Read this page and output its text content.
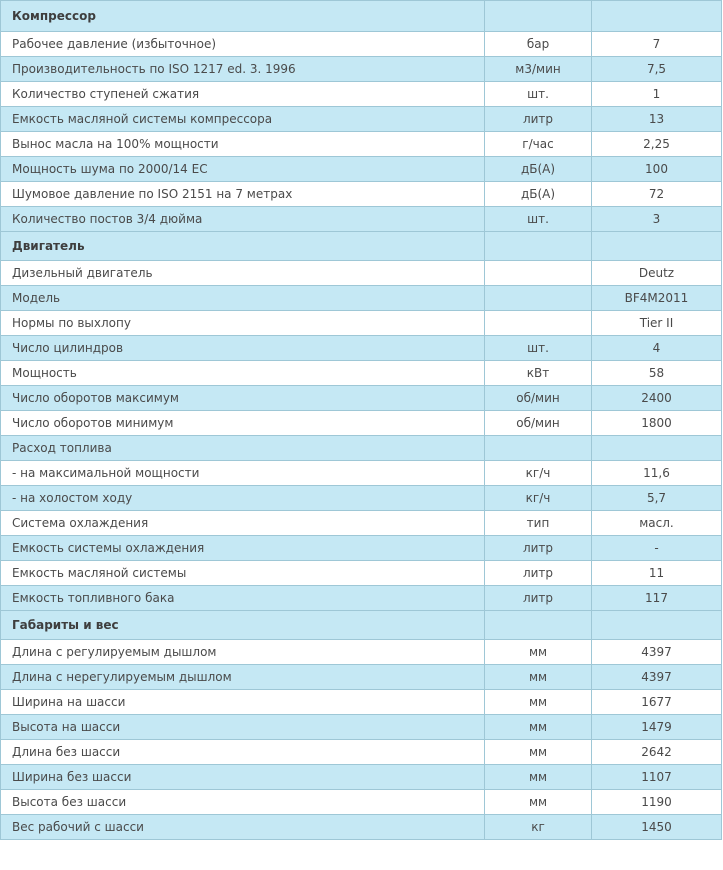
Компрессор		
Рабочее давление (избыточное)	бар	7
Производительность по ISO 1217 ed. 3. 1996	м3/мин	7,5
Количество ступеней сжатия	шт.	1
Емкость масляной системы компрессора	литр	13
Вынос масла на 100% мощности	г/час	2,25
Мощность шума по 2000/14 ЕС	дБ(А)	100
Шумовое давление по ISO 2151 на 7 метрах	дБ(А)	72
Количество постов 3/4 дюйма	шт.	3
Двигатель		
Дизельный двигатель		Deutz
Модель		BF4M2011
Нормы по выхлопу		Tier II
Число цилиндров	шт.	4
Мощность	кВт	58
Число оборотов максимум	об/мин	2400
Число оборотов минимум	об/мин	1800
Расход топлива		
- на максимальной мощности	кг/ч	11,6
- на холостом ходу	кг/ч	5,7
Система охлаждения	тип	масл.
Емкость системы охлаждения	литр	-
Емкость масляной системы	литр	11
Емкость топливного бака	литр	117
Габариты и вес		
Длина с регулируемым дышлом	мм	4397
Длина с нерегулируемым дышлом	мм	4397
Ширина на шасси	мм	1677
Высота на шасси	мм	1479
Длина без шасси	мм	2642
Ширина без шасси	мм	1107
Высота без шасси	мм	1190
Вес рабочий с шасси	кг	1450
